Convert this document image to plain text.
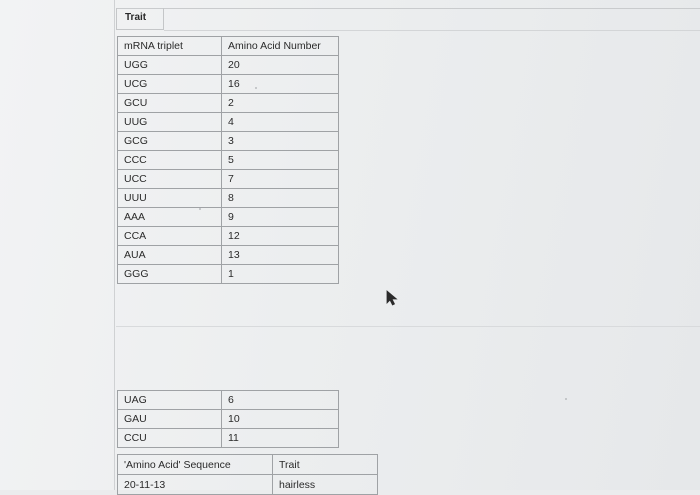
Trait
mRNA triplet	Amino Acid Number
UGG	20
UCG	16
GCU	2
UUG	4
GCG	3
CCC	5
UCC	7
UUU	8
AAA	9
CCA	12
AUA	13
GGG	1
UAG	6
GAU	10
CCU	11
'Amino Acid' Sequence	Trait
20-11-13	hairless
